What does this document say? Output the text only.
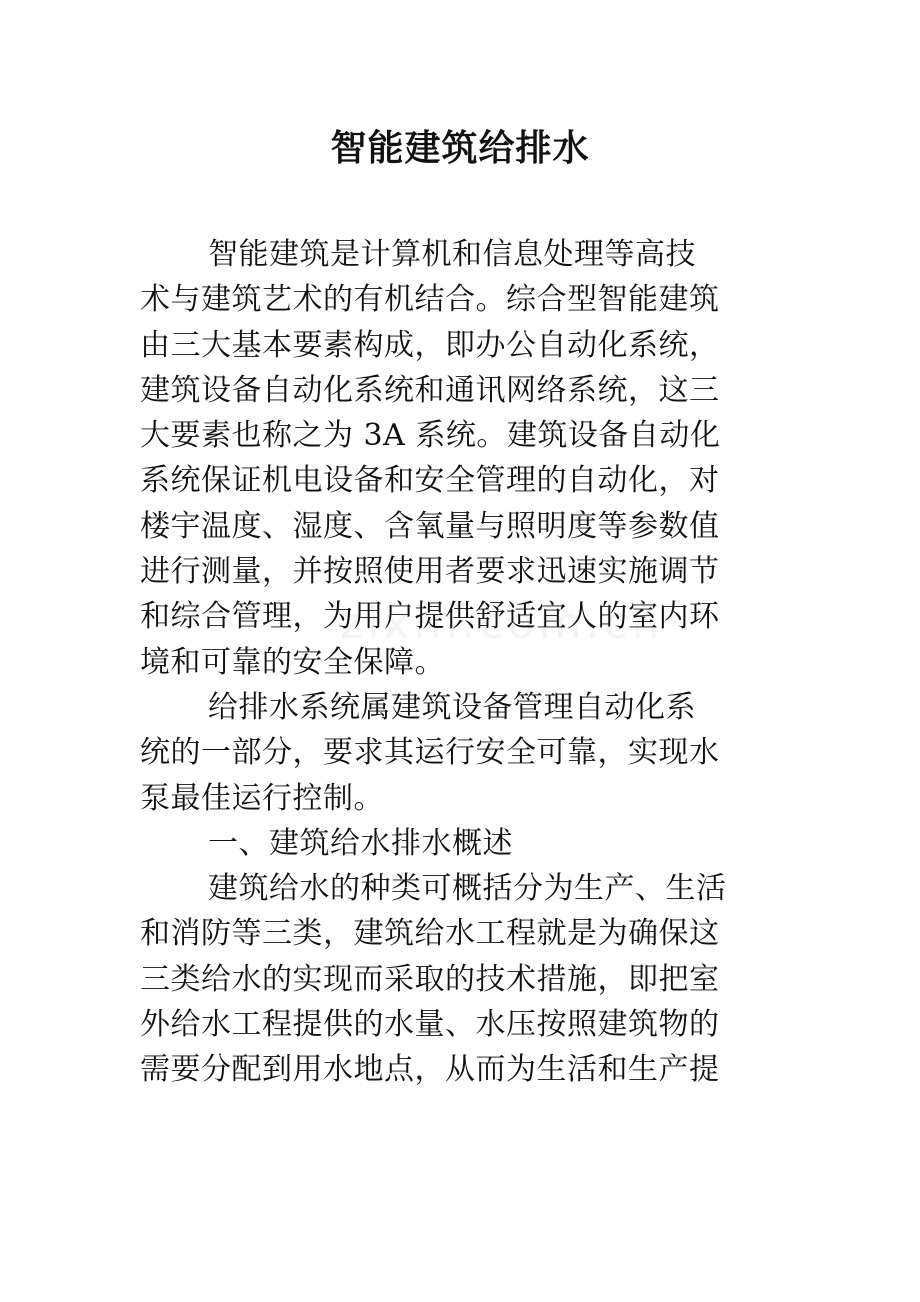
智能建筑给排水
智能建筑是计算机和信息处理等高技
术与建筑艺术的有机结合。综合型智能建筑
由三大基本要素构成，即办公自动化系统，
建筑设备自动化系统和通讯网络系统，这三
大要素也称之为 3A 系统。建筑设备自动化
系统保证机电设备和安全管理的自动化，对
楼宇温度、湿度、含氧量与照明度等参数值
进行测量，并按照使用者要求迅速实施调节
和综合管理，为用户提供舒适宜人的室内环
境和可靠的安全保障。
给排水系统属建筑设备管理自动化系
统的一部分，要求其运行安全可靠，实现水
泵最佳运行控制。
一、建筑给水排水概述
建筑给水的种类可概括分为生产、生活
和消防等三类，建筑给水工程就是为确保这
三类给水的实现而采取的技术措施，即把室
外给水工程提供的水量、水压按照建筑物的
需要分配到用水地点，从而为生活和生产提
